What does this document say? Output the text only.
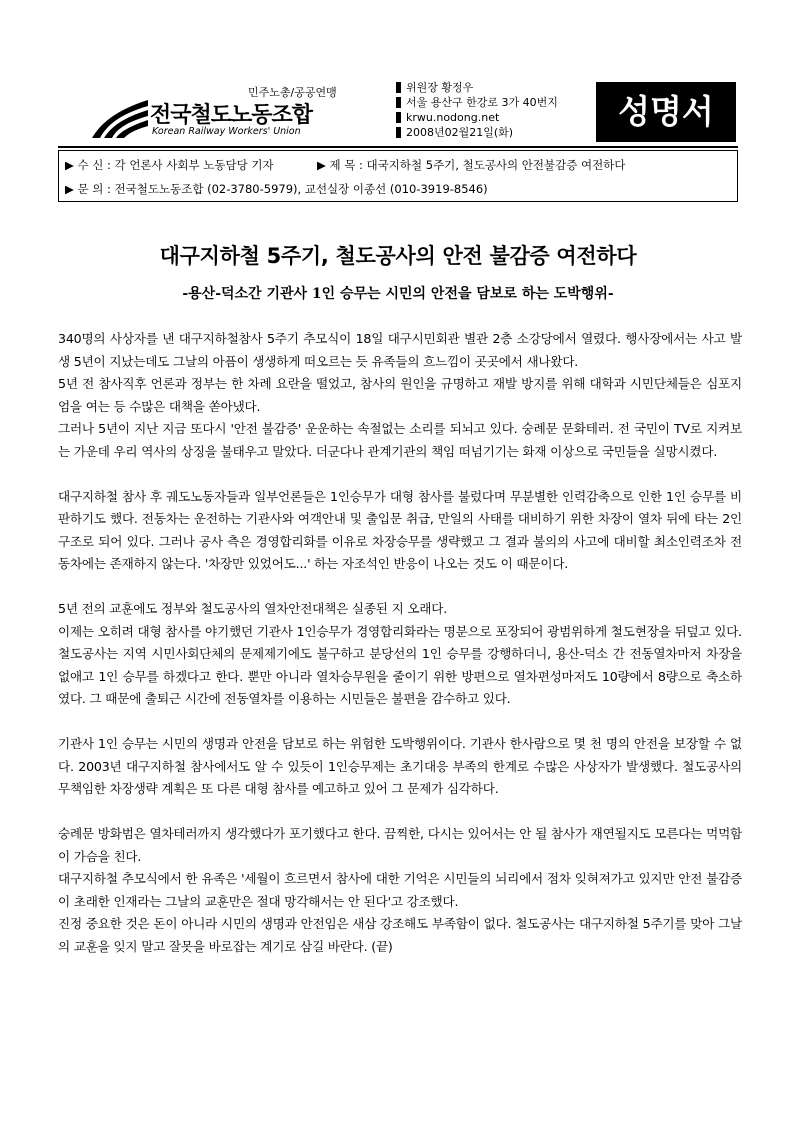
민주노총/공공연맹
전국철도노동조합
Korean Railway Workers' Union
위원장 황정우
서울 용산구 한강로 3가 40번지
krwu.nodong.net
2008년02월21일(화)
성명서
▶ 수 신 : 각 언론사 사회부 노동담당 기자	▶ 제 목 : 대국지하철 5주기, 철도공사의 안전불감증 여전하다
▶ 문 의 : 전국철도노동조합 (02-3780-5979), 교선실장 이종선 (010-3919-8546)
대구지하철 5주기, 철도공사의 안전 불감증 여전하다
-용산-덕소간 기관사 1인 승무는 시민의 안전을 담보로 하는 도박행위-

340명의 사상자를 낸 대구지하철참사 5주기 추모식이 18일 대구시민회관 별관 2층 소강당에서 열렸다. 행사장에서는 사고 발생 5년이 지났는데도 그날의 아픔이 생생하게 떠오르는 듯 유족들의 흐느낌이 곳곳에서 새나왔다.

5년 전 참사직후 언론과 정부는 한 차례 요란을 떨었고, 참사의 원인을 규명하고 재발 방지를 위해 대학과 시민단체들은 심포지엄을 여는 등 수많은 대책을 쏟아냈다.

그러나 5년이 지난 지금 또다시 '안전 불감증' 운운하는 속절없는 소리를 되뇌고 있다. 숭례문 문화테러. 전 국민이 TV로 지켜보는 가운데 우리 역사의 상징을 불태우고 말았다. 더군다나 관계기관의 책임 떠넘기기는 화재 이상으로 국민들을 실망시켰다.

대구지하철 참사 후 궤도노동자들과 일부언론들은 1인승무가 대형 참사를 불렀다며 무분별한 인력감축으로 인한 1인 승무를 비판하기도 했다. 전동차는 운전하는 기관사와 여객안내 및 출입문 취급, 만일의 사태를 대비하기 위한 차장이 열차 뒤에 타는 2인 구조로 되어 있다. 그러나 공사 측은 경영합리화를 이유로 차장승무를 생략했고 그 결과 불의의 사고에 대비할 최소인력조차 전동차에는 존재하지 않는다. '차장만 있었어도...' 하는 자조석인 반응이 나오는 것도 이 때문이다.

5년 전의 교훈에도 정부와 철도공사의 열차안전대책은 실종된 지 오래다.

이제는 오히려 대형 참사를 야기했던 기관사 1인승무가 경영합리화라는 명분으로 포장되어 광범위하게 철도현장을 뒤덮고 있다. 철도공사는 지역 시민사회단체의 문제제기에도 불구하고 분당선의 1인 승무를 강행하더니, 용산-덕소 간 전동열차마저 차장을 없애고 1인 승무를 하겠다고 한다. 뿐만 아니라 열차승무원을 줄이기 위한 방편으로 열차편성마저도 10량에서 8량으로 축소하였다. 그 때문에 출퇴근 시간에 전동열차를 이용하는 시민들은 불편을 감수하고 있다.

기관사 1인 승무는 시민의 생명과 안전을 담보로 하는 위험한 도박행위이다. 기관사 한사람으로 몇 천 명의 안전을 보장할 수 없다. 2003년 대구지하철 참사에서도 알 수 있듯이 1인승무제는 초기대응 부족의 한계로 수많은 사상자가 발생했다. 철도공사의 무책임한 차장생략 계획은 또 다른 대형 참사를 예고하고 있어 그 문제가 심각하다.

숭례문 방화범은 열차테러까지 생각했다가 포기했다고 한다. 끔찍한, 다시는 있어서는 안 될 참사가 재연될지도 모른다는 먹먹함이 가슴을 친다.

대구지하철 추모식에서 한 유족은 '세월이 흐르면서 참사에 대한 기억은 시민들의 뇌리에서 점차 잊혀져가고 있지만 안전 불감증이 초래한 인재라는 그날의 교훈만은 절대 망각해서는 안 된다'고 강조했다.

진정 중요한 것은 돈이 아니라 시민의 생명과 안전임은 새삼 강조해도 부족함이 없다. 철도공사는 대구지하철 5주기를 맞아 그날의 교훈을 잊지 말고 잘못을 바로잡는 계기로 삼길 바란다. (끝)
